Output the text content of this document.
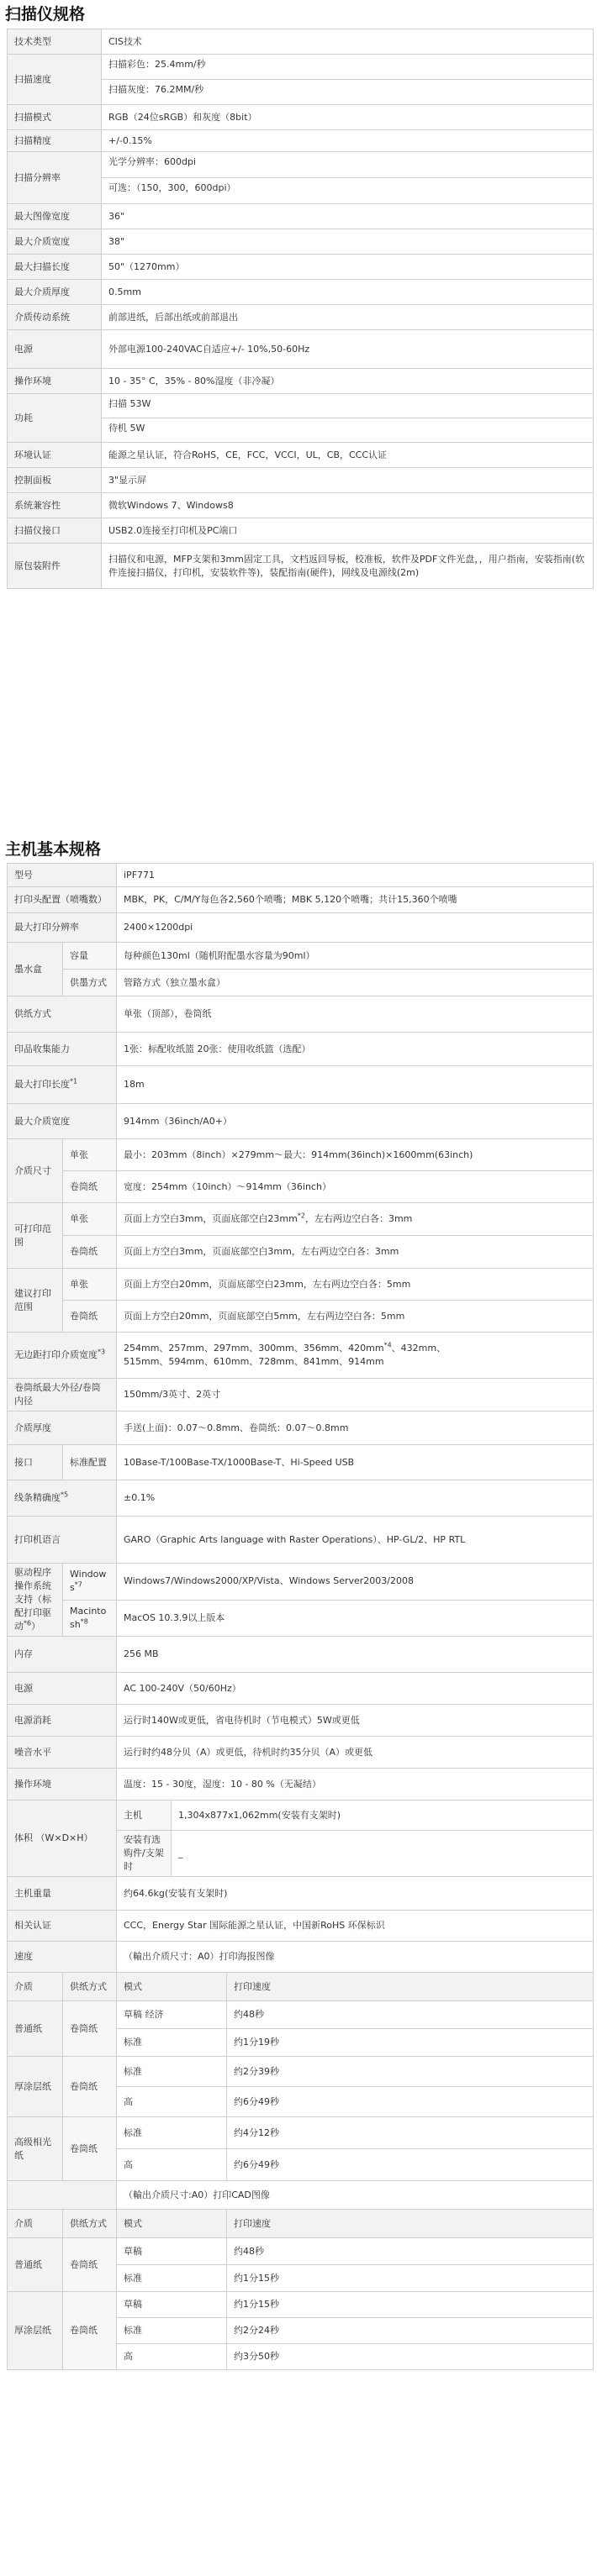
扫描仪规格
技术类型	CIS技术
扫描速度	扫描彩色：25.4mm/秒
扫描灰度：76.2MM/秒

扫描模式	RGB（24位sRGB）和灰度（8bit）
扫描精度	+/-0.15%
扫描分辨率	光学分辨率：600dpi
可选：（150，300，600dpi）

最大图像宽度	36"
最大介质宽度	38"
最大扫描长度	50"（1270mm）
最大介质厚度	0.5mm
介质传动系统	前部进纸，后部出纸或前部退出
电源	外部电源100-240VAC自适应+/- 10%,50-60Hz
操作环境	10 - 35° C，35% - 80%湿度（非冷凝）
功耗	扫描 53W
待机 5W

环境认证	能源之星认证，符合RoHS，CE，FCC，VCCI，UL，CB，CCC认证
控制面板	3"显示屏
系统兼容性	微软Windows 7、Windows8
扫描仪接口	USB2.0连接至打印机及PC端口
原包装附件	扫描仪和电源，MFP支架和3mm固定工具，文档返回导板，校准板，软件及PDF文件光盘，，用户指南，安装指南(软件连接扫描仪，打印机，安装软件等)，装配指南(硬件)，网线及电源线(2m)
主机基本规格
型号		iPF771		
打印头配置（喷嘴数）		MBK，PK，C/M/Y每色各2,560个喷嘴；MBK 5,120个喷嘴；共计15,360个喷嘴		
最大打印分辨率		2400×1200dpi		
墨水盒	容量	每种颜色130ml（随机附配墨水容量为90ml）		
	供墨方式	管路方式（独立墨水盒）		
供纸方式		单张（顶部），卷筒纸		
印品收集能力		1张：标配收纸篮 20张：使用收纸篮（选配）		
最大打印长度$^{*1}$		18m		
最大介质宽度		914mm（36inch/A0+）		
介质尺寸	单张	最小：203mm（8inch）×279mm～最大：914mm(36inch)×1600mm(63inch)		
	卷筒纸	宽度：254mm（10inch）～914mm（36inch）		
可打印范围	单张	页面上方空白3mm，页面底部空白$23mm^{*2}$，左右两边空白各：3mm		
	卷筒纸	页面上方空白3mm，页面底部空白3mm，左右两边空白各：3mm		
建议打印范围	单张	页面上方空白20mm，页面底部空白23mm，左右两边空白各：5mm		
	卷筒纸	页面上方空白20mm，页面底部空白5mm，左右两边空白各：5mm		
无边距打印介质宽度$^{*3}$		254mm、257mm、297mm、300mm、356mm、$420mm^{*4}$、432mm、
515mm、594mm、610mm、728mm、841mm、914mm		
卷筒纸最大外径/卷筒内径		150mm/3英寸、2英寸		
介质厚度		手送(上面)：0.07～0.8mm、卷筒纸：0.07～0.8mm		
接口	标准配置	10Base-T/100Base-TX/1000Base-T、Hi-Speed USB		
线条精确度$^{*5}$		±0.1%		
打印机语言		GARO（Graphic Arts language with Raster Operations）、HP-GL/2、HP RTL		
驱动程序操作系统支持（标配打印驱动$^{*6}$）	Windows$^{*7}$	Windows7/Windows2000/XP/Vista、Windows Server2003/2008		
	Macintosh$^{*8}$	MacOS 10.3.9以上版本		
内存		256 MB		
电源		AC 100-240V（50/60Hz）		
电源消耗		运行时140W或更低，省电待机时（节电模式）5W或更低		
噪音水平		运行时约48分贝（A）或更低，待机时约35分贝（A）或更低		
操作环境		温度：15 - 30度，湿度：10 - 80 %（无凝结）		
体积 （W×D×H）		主机	1,304x877x1,062mm(安装有支架时)	
		安装有选购件/支架时	_	
主机重量		约64.6kg(安装有支架时)		
相关认证		CCC，Energy Star 国际能源之星认证，中国新RoHS 环保标识		
速度		（輸出介质尺寸：A0）打印海报图像		
介质	供纸方式	模式		打印速度
普通纸	卷筒纸	草稿 经济		约48秒
		标准		约1分19秒
厚涂层纸	卷筒纸	标准		约2分39秒
		高		约6分49秒
高级相光纸	卷筒纸	标准		约4分12秒
		高		约6分49秒
		（輸出介质尺寸:A0）打印CAD图像		
介质	供纸方式	模式		打印速度
普通纸	卷筒纸	草稿		约48秒
		标准		约1分15秒
厚涂层纸	卷筒纸	草稿		约1分15秒
		标准		约2分24秒
		高		约3分50秒
